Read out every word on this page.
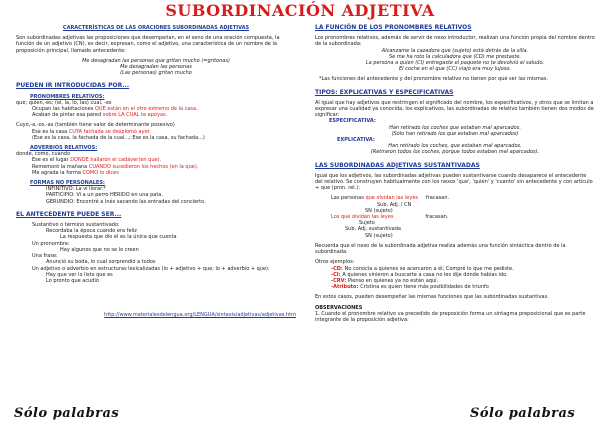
SUBORDINACIÓN ADJETIVA

CARACTERÍSTICAS DE LAS ORACIONES SUBORDINADAS ADJETIVAS

Son subordinadas adjetivas las proposiciones que desempeñan, en el seno de una oración compuesta, la función de un adjetivo (CN), es decir, expresan, como el adjetivo, una característica de un nombre de la proposición principal, llamado antecedente:

Me desagradan las personas que gritan mucho (=gritonas)

Me desagradan las personas

(Las personas) gritan mucho

PUEDEN IR INTRODUCIDAS POR...

PRONOMBRES RELATIVOS:

que; quien,-es; (el, la, lo, las) cual, -es

Ocupan las habitaciones QUE están en el otro extremo de la casa.

Acaban de pintar esa pared sobre LA CUAL te apoyas.

Cuyo,-a,-os,-as (también tiene valor de determinante posesivo)

Ese es la casa CUYA fachada se desplomó ayer.

(Ese es la casa, la fachada de la cual...; Ese es la casa, su fachada...)

ADVERBIOS RELATIVOS:

donde, como, cuando

Ese es el lugar DONDE hallaron el cadáver(en que).

Rememoró la mañana CUANDO sucedieron los hechos (en la que).

Me agrada la forma COMO lo dices

FORMAS NO PERSONALES:

INFINITIVO: La vi llorar.*

PARTICIPIO: Vi a un perro HERIDO en una pata.

GERUNDIO: Encontré a Inés sacando las entradas del concierto.

EL ANTECEDENTE PUEDE SER...

Sustantivo o término sustantivado:

Recordaba la época cuando era feliz

La respuesta que dio él es la única que cuenta

Un pronombre:

Hay algunos que no se lo creen

Una frase:

Anunció su boda, lo cual sorprendió a todos

Un adjetivo o adverbio en estructuras lexicalizadas (lo + adjetivo + que; lo + adverbio + que):

Hay que ver lo listo que es

Lo pronto que acudió

http://www.materialesdelengua.org/LENGUA/sintaxis/adjetivas/adjetivas.htm

LA FUNCIÓN DE LOS PRONOMBRES RELATIVOS

Los pronombres relativos, además de servir de nexo introductor, realizan una función propia del nombre dentro de la subordinada:

Alcanzame la cazadora que (sujeto) está detrás de la silla.

Se me ha roto la calculadora que (CD) me prestaste.

La persona a quien (CI) entregaste el paquete no te devolvió el saludo.

El coche en el que (CC) viajó era muy lujoso.

*Las funciones del antecedente y del pronombre relativo no tienen por qué ser las mismas.

TIPOS: EXPLICATIVAS Y ESPECIFICATIVAS

Al igual que hay adjetivos que restringen el significado del nombre, los especificativos, y otros que se limitan a expresar una cualidad ya conocida, los explicativos, las subordinadas de relativo también tienen dos modos de significar:

ESPECIFICATIVA:

Han retirado los coches que estaban mal aparcados.

(Sólo han retirado los que estaban mal aparcados)

EXPLICATIVA:

Han retirado los coches, que estaban mal aparcados.

(Retiraron todos los coches, porque todos estaban mal aparcados).

LAS SUBORDINADAS ADJETIVAS SUSTANTIVADAS

Igual que los adjetivos, las subordinadas adjetivas pueden sustantivarse cuando desaparece el antecedente del relativo. Se construyen habitualmente con los nexos 'que', 'quien' y 'cuanto' sin antecedente y con artículo + que (pron. rel.):

Las personas que olvidan las leyes fracasan.

Sub. Adj. / CN

SN (sujeto)

Los que olvidan las leyes	fracasan.

Sujeto

Sub. Adj. sustantivada

SN (sujeto)

Recuerda que el nexo de la subordinada adjetiva realiza además una función sintáctica dentro de la subordinada.

Otros ejemplos:

-CD: No conocía a quienes se acercaron a él; Compré lo que me pediste.

-CI: A quienes vinieron a buscarte a casa no les dije dónde habías ido.

-CRV: Pienso en quienes ya no están aquí.

-Atributo: Cristina es quien tiene más posibilidades de triunfo

En estos casos, pueden desempeñar las mismas funciones que las subordinadas sustantivas.

OBSERVACIONES

1. Cuando el pronombre relativo va precedido de preposición forma un sintagma preposicional que es parte integrante de la proposición adjetiva:

Sólo palabras	Sólo palabras
